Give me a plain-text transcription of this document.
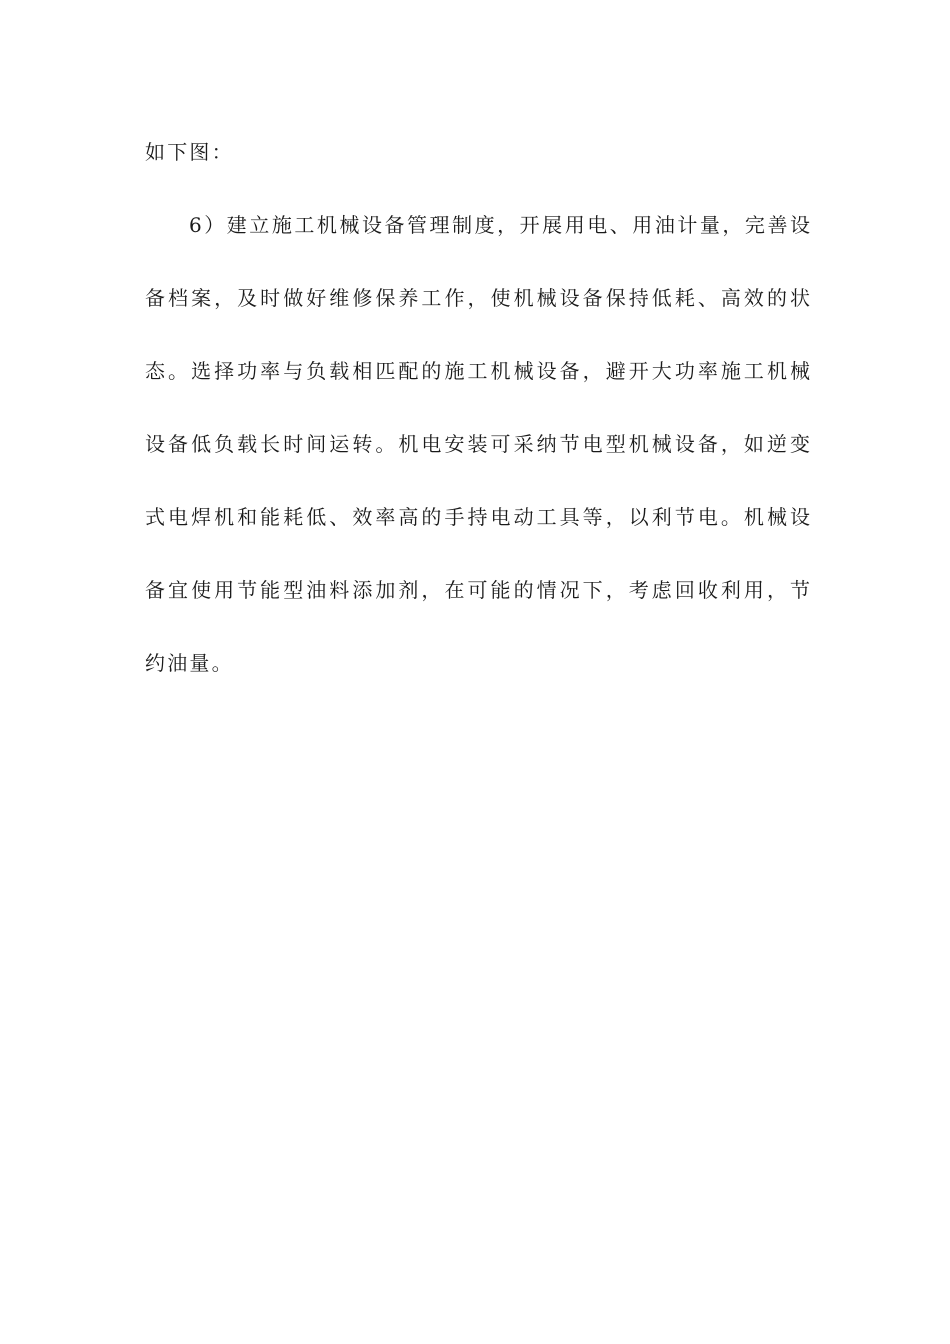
如下图：
6）建立施工机械设备管理制度，开展用电、用油计量，完善设
备档案，及时做好维修保养工作，使机械设备保持低耗、高效的状
态。选择功率与负载相匹配的施工机械设备，避开大功率施工机械
设备低负载长时间运转。机电安装可采纳节电型机械设备，如逆变
式电焊机和能耗低、效率高的手持电动工具等，以利节电。机械设
备宜使用节能型油料添加剂，在可能的情况下，考虑回收利用，节
约油量。
